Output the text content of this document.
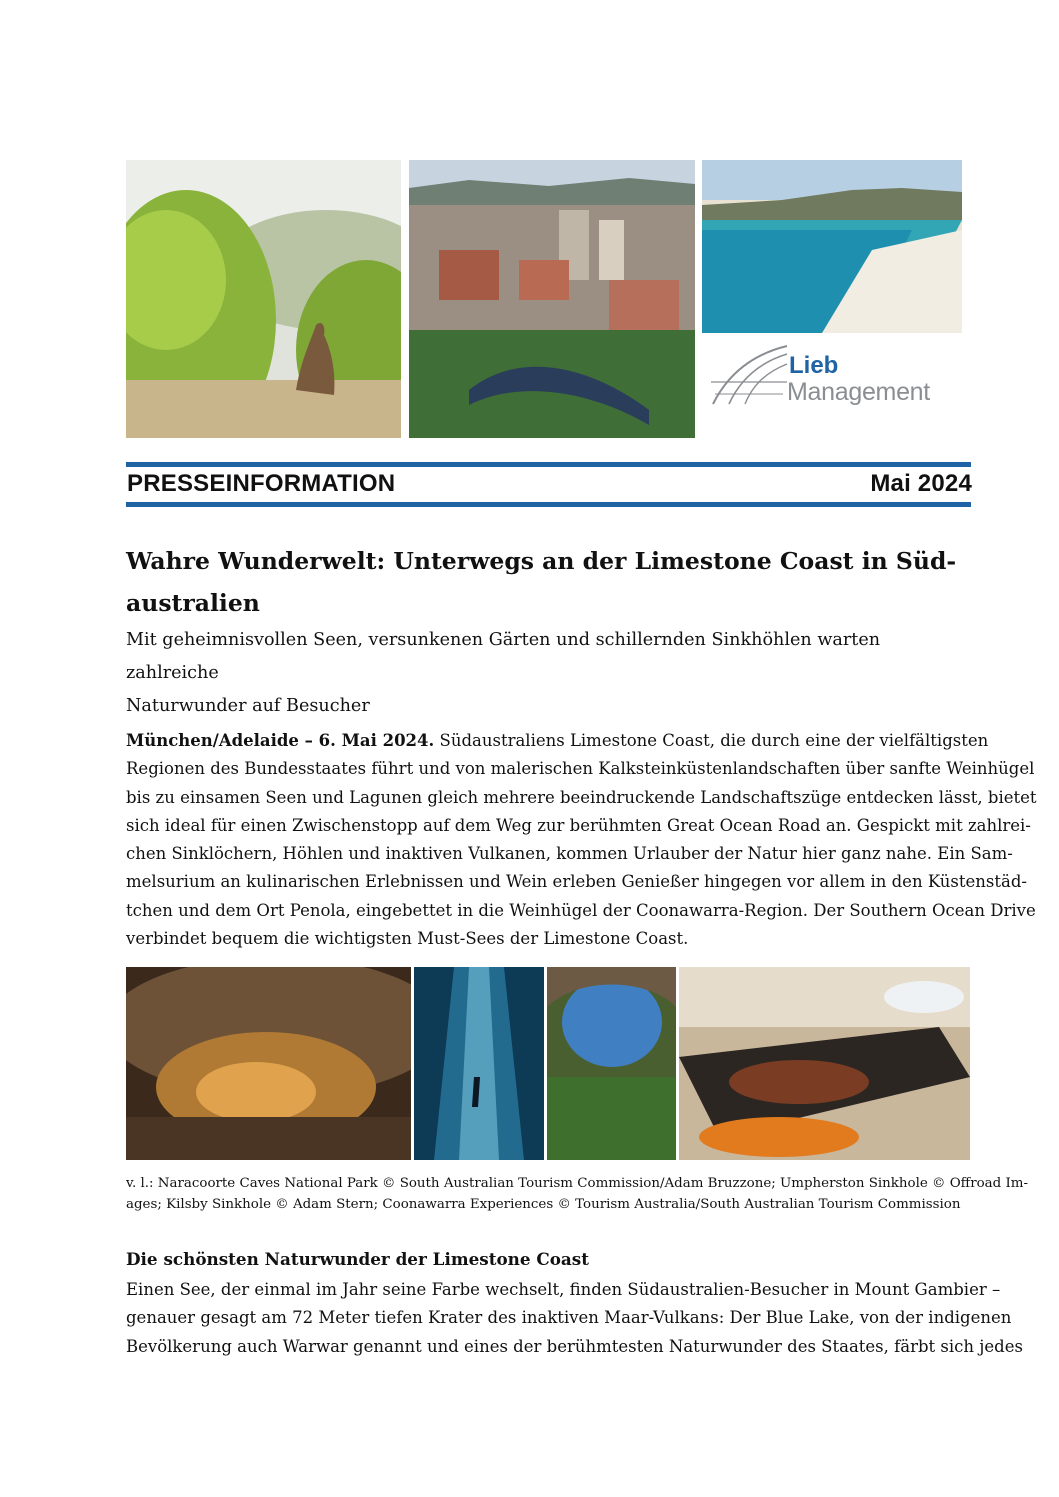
Lieb
Management
PRESSEINFORMATION	Mai 2024
Wahre Wunderwelt: Unterwegs an der Limestone Coast in Süd-
australien
Mit geheimnisvollen Seen, versunkenen Gärten und schillernden Sinkhöhlen warten zahlreiche
Naturwunder auf Besucher
München/Adelaide – 6. Mai 2024. Südaustraliens Limestone Coast, die durch eine der vielfältigsten
Regionen des Bundesstaates führt und von malerischen Kalksteinküstenlandschaften über sanfte Weinhügel
bis zu einsamen Seen und Lagunen gleich mehrere beeindruckende Landschaftszüge entdecken lässt, bietet
sich ideal für einen Zwischenstopp auf dem Weg zur berühmten Great Ocean Road an. Gespickt mit zahlrei-
chen Sinklöchern, Höhlen und inaktiven Vulkanen, kommen Urlauber der Natur hier ganz nahe. Ein Sam-
melsurium an kulinarischen Erlebnissen und Wein erleben Genießer hingegen vor allem in den Küstenstäd-
tchen und dem Ort Penola, eingebettet in die Weinhügel der Coonawarra-Region. Der Southern Ocean Drive
verbindet bequem die wichtigsten Must-Sees der Limestone Coast.
v. l.: Naracoorte Caves National Park © South Australian Tourism Commission/Adam Bruzzone; Umpherston Sinkhole © Offroad Im-
ages; Kilsby Sinkhole © Adam Stern; Coonawarra Experiences © Tourism Australia/South Australian Tourism Commission
Die schönsten Naturwunder der Limestone Coast
Einen See, der einmal im Jahr seine Farbe wechselt, finden Südaustralien-Besucher in Mount Gambier –
genauer gesagt am 72 Meter tiefen Krater des inaktiven Maar-Vulkans: Der Blue Lake, von der indigenen
Bevölkerung auch Warwar genannt und eines der berühmtesten Naturwunder des Staates, färbt sich jedes
